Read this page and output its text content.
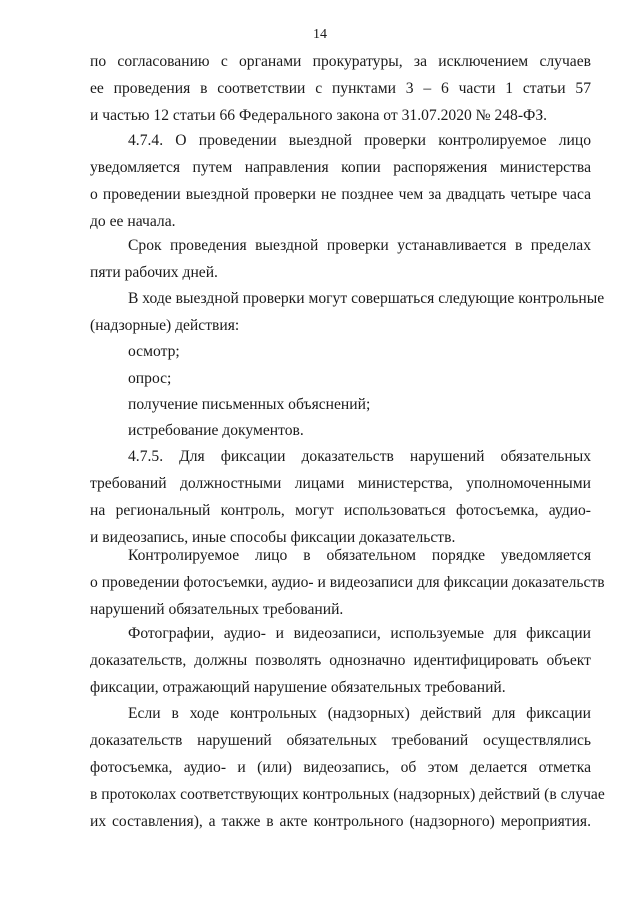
14
по согласованию с органами прокуратуры, за исключением случаев
ее проведения в соответствии с пунктами 3 – 6 части 1 статьи 57
и частью 12 статьи 66 Федерального закона от 31.07.2020 № 248-ФЗ.
4.7.4. О проведении выездной проверки контролируемое лицо
уведомляется путем направления копии распоряжения министерства
о проведении выездной проверки не позднее чем за двадцать четыре часа
до ее начала.
Срок проведения выездной проверки устанавливается в пределах
пяти рабочих дней.
В ходе выездной проверки могут совершаться следующие контрольные
(надзорные) действия:
осмотр;
опрос;
получение письменных объяснений;
истребование документов.
4.7.5. Для фиксации доказательств нарушений обязательных
требований должностными лицами министерства, уполномоченными
на региональный контроль, могут использоваться фотосъемка, аудио-
и видеозапись, иные способы фиксации доказательств.
Контролируемое лицо в обязательном порядке уведомляется
о проведении фотосъемки, аудио- и видеозаписи для фиксации доказательств
нарушений обязательных требований.
Фотографии, аудио- и видеозаписи, используемые для фиксации
доказательств, должны позволять однозначно идентифицировать объект
фиксации, отражающий нарушение обязательных требований.
Если в ходе контрольных (надзорных) действий для фиксации
доказательств нарушений обязательных требований осуществлялись
фотосъемка, аудио- и (или) видеозапись, об этом делается отметка
в протоколах соответствующих контрольных (надзорных) действий (в случае
их составления), а также в акте контрольного (надзорного) мероприятия.
